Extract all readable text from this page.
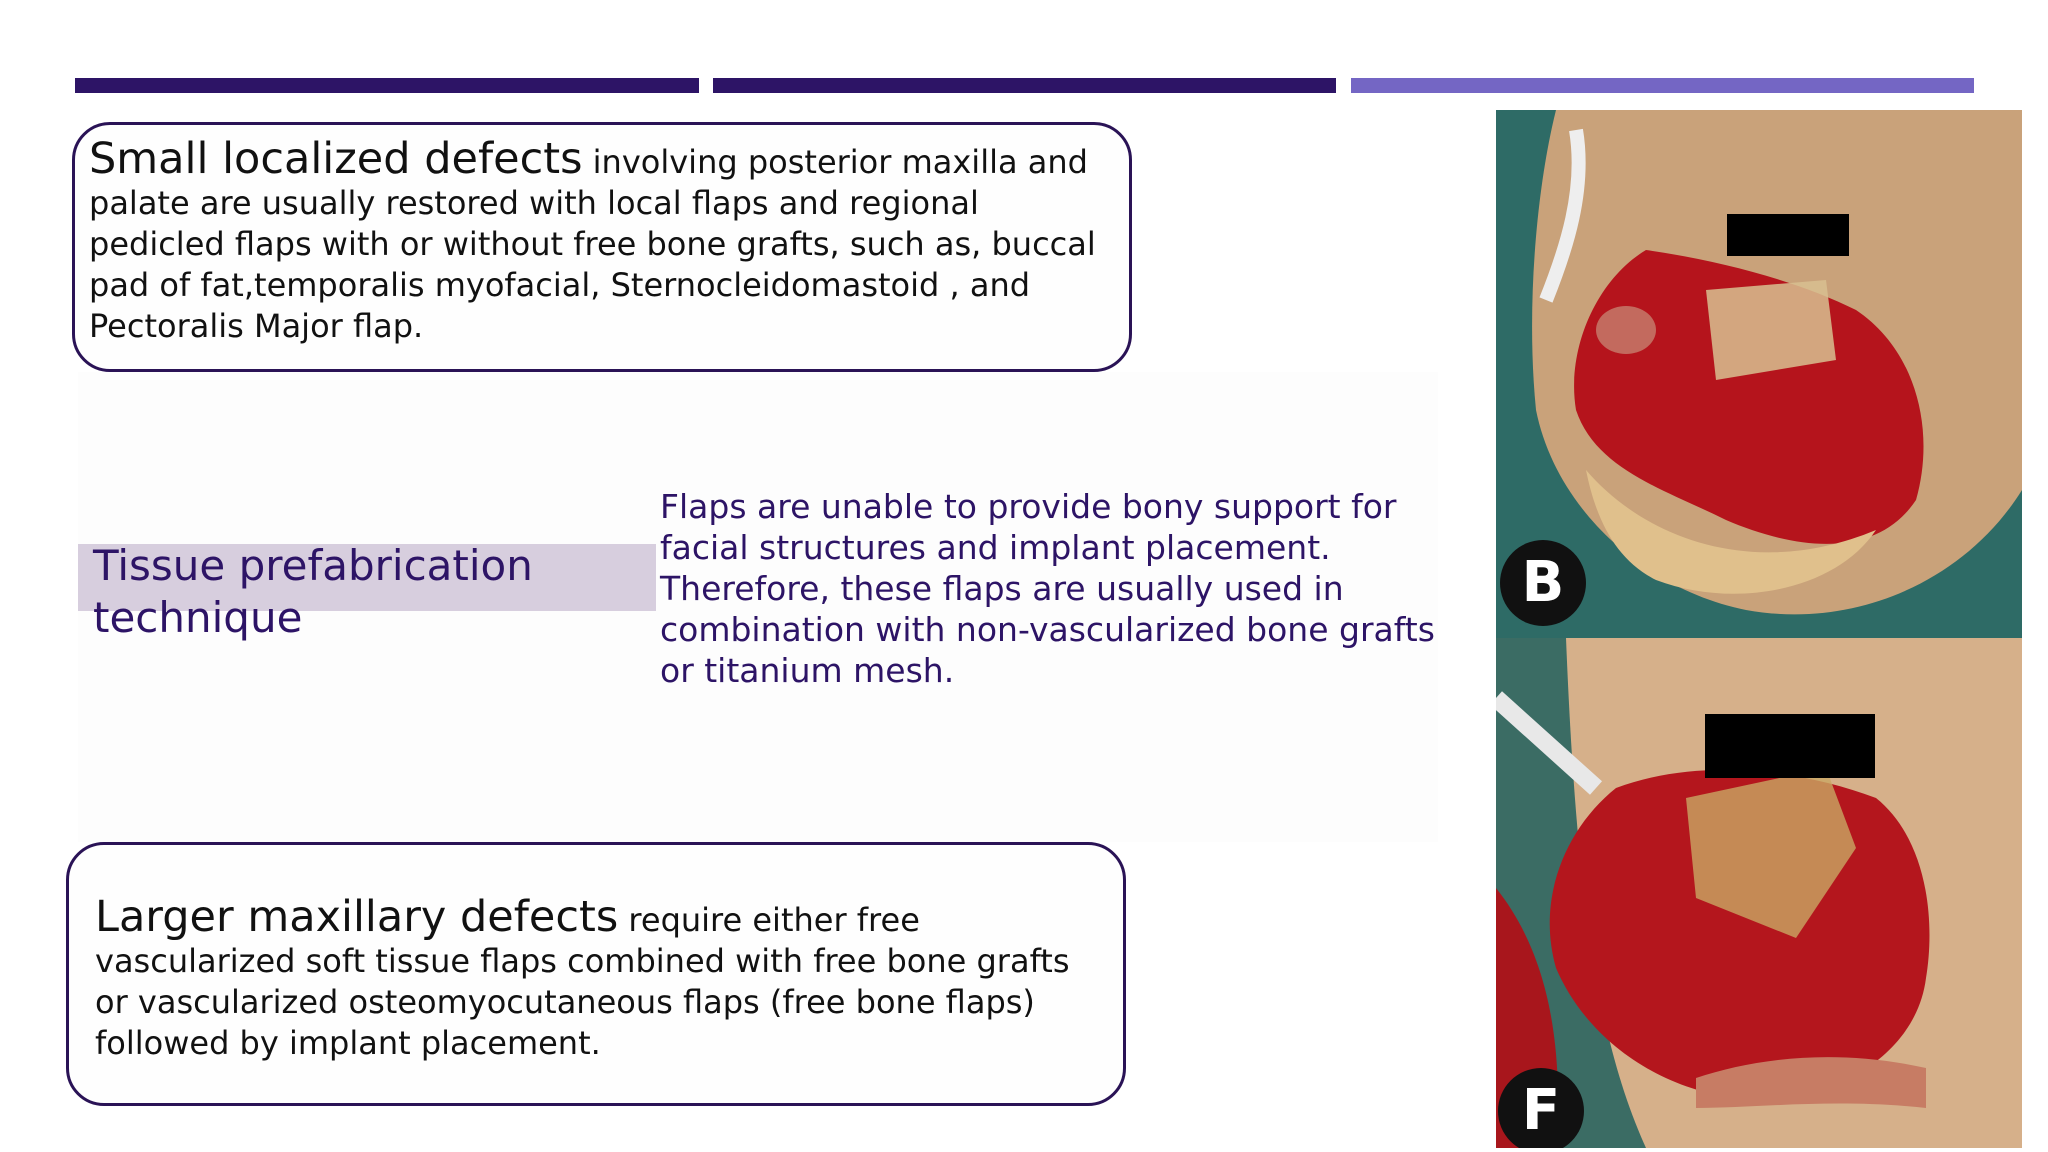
Small localized defects involving posterior maxilla and palate are usually restored with local flaps and regional pedicled flaps with or without free bone grafts, such as, buccal pad of fat,temporalis myofacial, Sternocleidomastoid , and Pectoralis Major flap.

Tissue prefabrication technique

Flaps are unable to provide bony support for facial structures and implant placement. Therefore, these flaps are usually used in combination with non-vascularized bone grafts or titanium mesh.

Larger maxillary defects require either free vascularized soft tissue flaps combined with free bone grafts or vascularized osteomyocutaneous flaps (free bone flaps) followed by implant placement.

B
F
